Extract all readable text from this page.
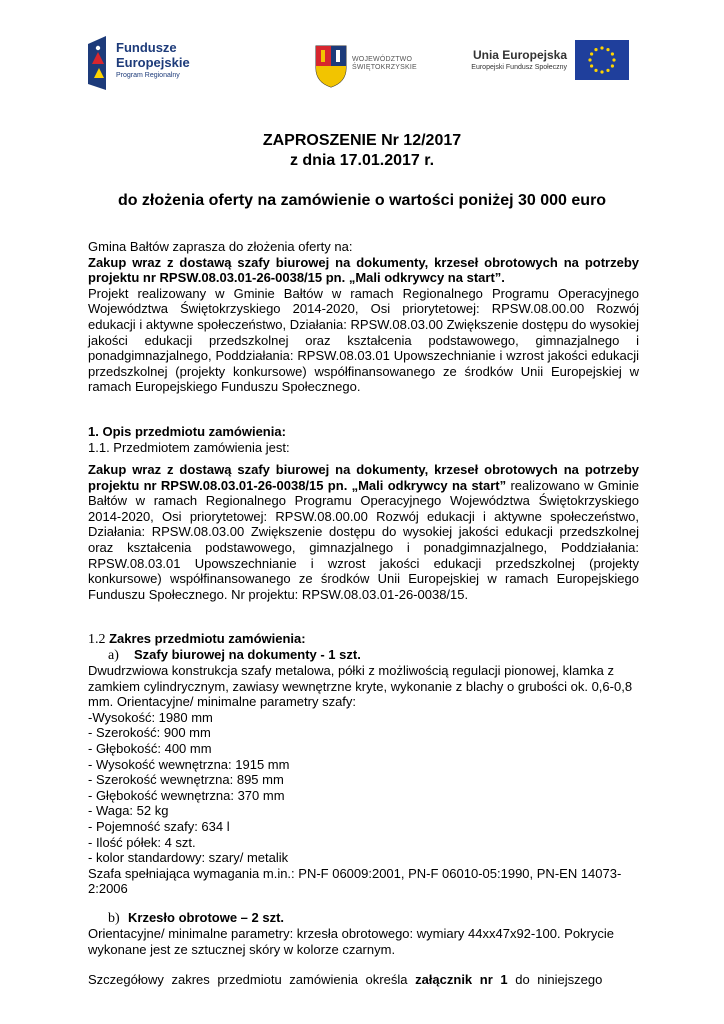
Fundusze
Europejskie
Program Regionalny
WOJEWÓDZTWO
ŚWIĘTOKRZYSKIE
Unia Europejska
Europejski Fundusz Społeczny
ZAPROSZENIE Nr 12/2017
z dnia 17.01.2017 r.
do złożenia oferty na zamówienie o wartości poniżej 30 000 euro

Gmina Bałtów zaprasza do złożenia oferty na:

Zakup wraz z dostawą szafy biurowej na dokumenty, krzeseł obrotowych na potrzeby projektu nr RPSW.08.03.01-26-0038/15 pn. „Mali odkrywcy na start”.

Projekt realizowany w Gminie Bałtów w ramach Regionalnego Programu Operacyjnego Województwa Świętokrzyskiego 2014-2020, Osi priorytetowej: RPSW.08.00.00 Rozwój edukacji i aktywne społeczeństwo, Działania: RPSW.08.03.00 Zwiększenie dostępu do wysokiej jakości edukacji przedszkolnej oraz kształcenia podstawowego, gimnazjalnego i ponadgimnazjalnego, Poddziałania: RPSW.08.03.01 Upowszechnianie i wzrost jakości edukacji przedszkolnej (projekty konkursowe) współfinansowanego ze środków Unii Europejskiej w ramach Europejskiego Funduszu Społecznego.

1. Opis przedmiotu zamówienia:

1.1. Przedmiotem zamówienia jest:

Zakup wraz z dostawą szafy biurowej na dokumenty, krzeseł obrotowych na potrzeby projektu nr RPSW.08.03.01-26-0038/15 pn. „Mali odkrywcy na start” realizowano w Gminie Bałtów w ramach Regionalnego Programu Operacyjnego Województwa Świętokrzyskiego 2014-2020, Osi priorytetowej: RPSW.08.00.00 Rozwój edukacji i aktywne społeczeństwo, Działania: RPSW.08.03.00 Zwiększenie dostępu do wysokiej jakości edukacji przedszkolnej oraz kształcenia podstawowego, gimnazjalnego i ponadgimnazjalnego, Poddziałania: RPSW.08.03.01 Upowszechnianie i wzrost jakości edukacji przedszkolnej (projekty konkursowe) współfinansowanego ze środków Unii Europejskiej w ramach Europejskiego Funduszu Społecznego. Nr projektu: RPSW.08.03.01-26-0038/15.
1.2 Zakres przedmiotu zamówienia:
a) Szafy biurowej na dokumenty - 1 szt.

Dwudrzwiowa konstrukcja szafy metalowa, półki z możliwością regulacji pionowej, klamka z zamkiem cylindrycznym, zawiasy wewnętrzne kryte, wykonanie z blachy o grubości ok. 0,6-0,8 mm. Orientacyjne/ minimalne parametry szafy:

-Wysokość: 1980 mm

- Szerokość: 900 mm

- Głębokość: 400 mm

- Wysokość wewnętrzna: 1915 mm

- Szerokość wewnętrzna: 895 mm

- Głębokość wewnętrzna: 370 mm

- Waga: 52 kg

- Pojemność szafy: 634 l

- Ilość półek: 4 szt.

- kolor standardowy: szary/ metalik

Szafa spełniająca wymagania m.in.: PN-F 06009:2001, PN-F 06010-05:1990, PN-EN 14073-2:2006

b) Krzesło obrotowe – 2 szt.
Orientacyjne/ minimalne parametry: krzesła obrotowego: wymiary 44xx47x92-100. Pokrycie wykonane jest ze sztucznej skóry w kolorze czarnym.
Szczegółowy zakres przedmiotu zamówienia określa załącznik nr 1 do niniejszego
